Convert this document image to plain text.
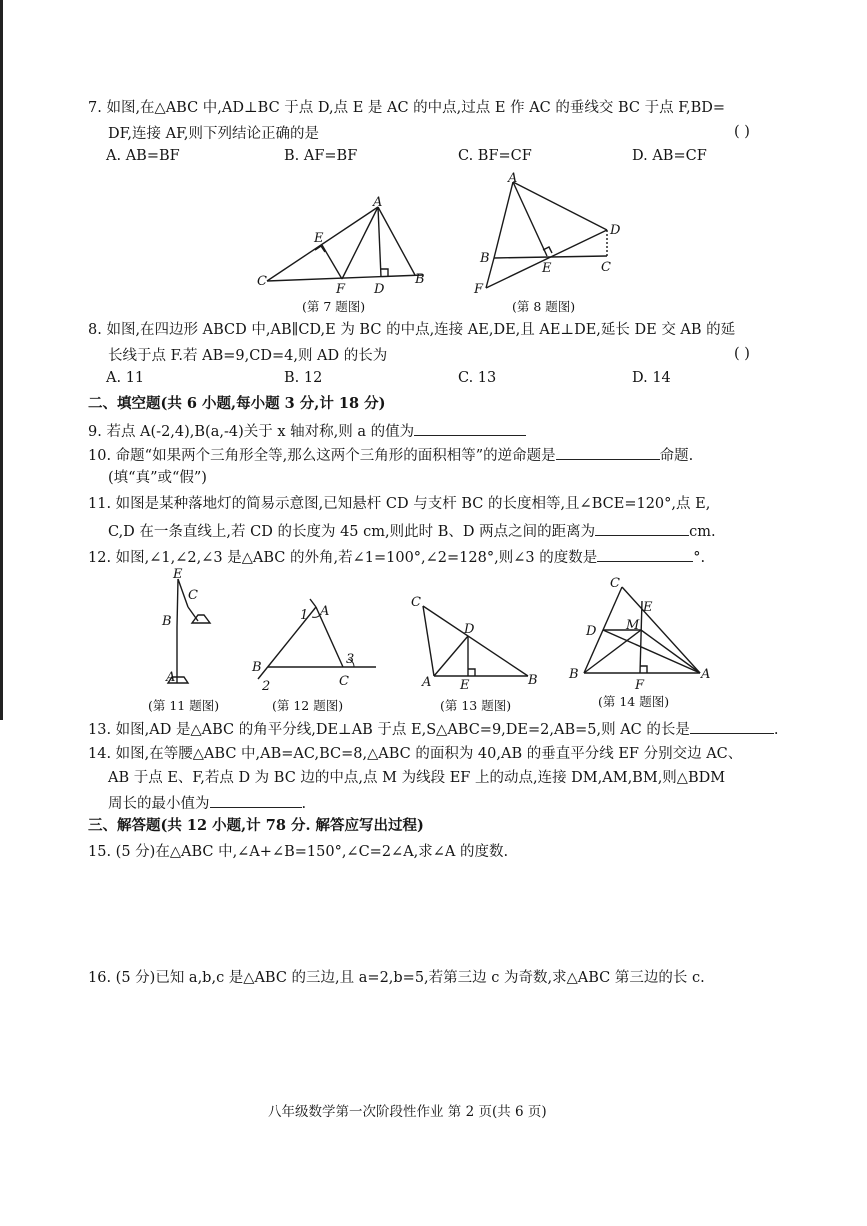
7. 如图,在△ABC 中,AD⊥BC 于点 D,点 E 是 AC 的中点,过点 E 作 AC 的垂线交 BC 于点 F,BD=
DF,连接 AF,则下列结论正确的是	( )
A. AB=BF	B. AF=BF	C. BF=CF	D. AB=CF
A
E
C
F D
B
(第 7 题图)
A
D
B
E	C
F
(第 8 题图)
8. 如图,在四边形 ABCD 中,AB∥CD,E 为 BC 的中点,连接 AE,DE,且 AE⊥DE,延长 DE 交 AB 的延
长线于点 F.若 AB=9,CD=4,则 AD 的长为	( )
A. 11	B. 12	C. 13	D. 14
二、填空题(共 6 小题,每小题 3 分,计 18 分)
9. 若点 A(-2,4),B(a,-4)关于 x 轴对称,则 a 的值为
10. 命题“如果两个三角形全等,那么这两个三角形的面积相等”的逆命题是	命题.
(填“真”或“假”)
11. 如图是某种落地灯的简易示意图,已知悬杆 CD 与支杆 BC 的长度相等,且∠BCE=120°,点 E,
C,D 在一条直线上,若 CD 的长度为 45 cm,则此时 B、D 两点之间的距离为	cm.
12. 如图,∠1,∠2,∠3 是△ABC 的外角,若∠1=100°,∠2=128°,则∠3 的度数是	°.
E
C
B
A
(第 11 题图)
1 A
B
2
3
C
(第 12 题图)
C
D
A E	B
(第 13 题图)
C
E
D M
B
F
A
(第 14 题图)
13. 如图,AD 是△ABC 的角平分线,DE⊥AB 于点 E,S△ABC=9,DE=2,AB=5,则 AC 的长是	.
14. 如图,在等腰△ABC 中,AB=AC,BC=8,△ABC 的面积为 40,AB 的垂直平分线 EF 分别交边 AC、
AB 于点 E、F,若点 D 为 BC 边的中点,点 M 为线段 EF 上的动点,连接 DM,AM,BM,则△BDM
周长的最小值为	.
三、解答题(共 12 小题,计 78 分. 解答应写出过程)
15. (5 分)在△ABC 中,∠A+∠B=150°,∠C=2∠A,求∠A 的度数.
16. (5 分)已知 a,b,c 是△ABC 的三边,且 a=2,b=5,若第三边 c 为奇数,求△ABC 第三边的长 c.
八年级数学第一次阶段性作业 第 2 页(共 6 页)
